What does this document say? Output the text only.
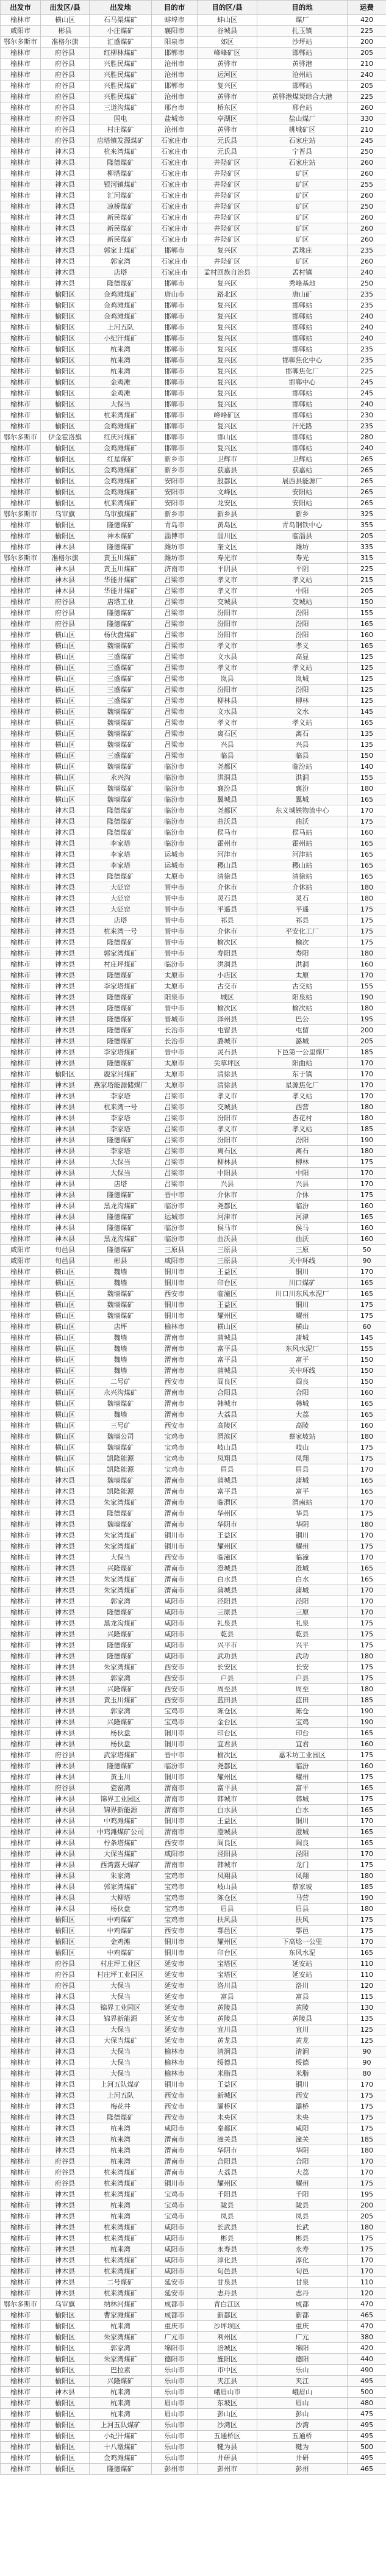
出发市	出发区/县	出发地	目的市	目的区/县	目的地	运费
榆林市	横山区	石马渠煤矿	蚌埠市	蚌山区	煤厂	420
咸阳市	彬县	小庄煤矿	襄阳市	谷城县	扎玉镇	225
鄂尔多斯市	准格尔旗	汇盛煤矿	阳泉市	郊区	沙坪站	200
榆林市	府谷县	红柳林煤矿	邯郸市	峰峰矿区	邯郸站	205
榆林市	府谷县	兴胜民煤矿	沧州市	黄骅市	黄骅港	210
榆林市	府谷县	兴胜民煤矿	沧州市	运河区	沧州站	240
榆林市	府谷县	兴胜民煤矿	邯郸市	复兴区	邯郸站	205
榆林市	府谷县	兴胜民煤矿	沧州市	黄骅市	黄骅港煤炭综合大港	225
榆林市	府谷县	三道沟煤矿	邢台市	桥东区	邢台站	260
榆林市	府谷县	国电	盐城市	亭湖区	盐山煤厂	330
榆林市	府谷县	村庄煤矿	沧州市	黄骅市	桃城矿区	210
榆林市	府谷县	店塔镇发源煤矿	石家庄市	元氏县	石家庄站	245
榆林市	神木县	杭来湾煤矿	石家庄市	元氏县	宁晋县	250
榆林市	神木县	隆德煤矿	石家庄市	井陉矿区	石家庄站	260
榆林市	神木县	柳塔煤矿	石家庄市	井陉矿区	矿区	260
榆林市	神木县	银河镇煤矿	石家庄市	井陉矿区	矿区	255
榆林市	神木县	汇河煤矿	石家庄市	井陉矿区	矿区	260
榆林市	神木县	凉桥煤矿	石家庄市	井陉矿区	矿区	250
榆林市	神木县	新民煤矿	石家庄市	井陉矿区	矿区	260
榆林市	神木县	新民煤矿	石家庄市	井陉矿区	矿区	260
榆林市	神木县	新民煤矿	石家庄市	井陉矿区	矿区	260
榆林市	神木县	郭家上煤矿	邯郸市	复兴区	孟珠庄	235
榆林市	神木县	郭家湾	石家庄市	井陉矿区	矿区	260
榆林市	神木县	店塔	石家庄市	孟村回族自治县	孟村镇	240
榆林市	神木县	隆德煤矿	邯郸市	复兴区	秀峰基地	250
榆林市	榆阳区	金鸡滩煤矿	唐山市	路北区	唐山矿	235
榆林市	榆阳区	金鸡滩煤矿	邯郸市	复兴区	邯郸站	235
榆林市	榆阳区	金鸡滩煤矿	邯郸市	复兴区	邯郸站	240
榆林市	榆阳区	上河五队	邯郸市	复兴区	邯郸站	240
榆林市	榆阳区	小纪汗煤矿	邯郸市	复兴区	邯郸站	240
榆林市	榆阳区	杭来湾	邯郸市	复兴区	邯郸站	235
榆林市	榆阳区	杭来湾	邯郸市	复兴区	邯郸焦化中心	235
榆林市	榆阳区	杭来湾	邯郸市	复兴区	邯郸焦化厂	225
榆林市	榆阳区	金鸡滩	邯郸市	复兴区	邯郸中心	245
榆林市	榆阳区	金鸡滩	邯郸市	复兴区	邯郸站	245
榆林市	榆阳区	大保当	邯郸市	复兴区	邯郸站	240
榆林市	榆阳区	杭来湾煤矿	邯郸市	峰峰矿区	邯郸站	230
榆林市	榆阳区	金鸡滩煤矿	邯郸市	复兴区	汗光路	235
鄂尔多斯市	伊金霍洛旗	红庆河煤矿	邯郸市	邯山区	邯郸站	280
榆林市	榆阳区	金鸡滩煤矿	邯郸市	复兴区	邯郸站	240
榆林市	榆阳区	红星煤矿	新乡市	卫辉市	卫辉站	265
榆林市	榆阳区	金鸡滩煤矿	新乡市	获嘉县	获嘉站	265
榆林市	榆阳区	金鸡滩煤矿	安阳市	殷都区	展西县能源厂	265
榆林市	榆阳区	金鸡滩煤矿	安阳市	文峰区	安阳站	265
榆林市	榆阳区	杭来湾煤矿	安阳市	龙安区	安阳站	265
鄂尔多斯市	乌审旗	乌审旗煤矿	新乡市	新乡县	新乡	325
榆林市	榆阳区	隆德煤矿	青岛市	黄岛区	青岛钢铁中心	355
榆林市	榆阳区	神木煤矿	淄博市	淄川区	临淄县	205
榆林市	神木县	隆德煤矿	潍坊市	奎文区	潍坊	335
鄂尔多斯市	准格尔旗	黄玉川煤矿	潍坊市	寿光市	寿光	315
榆林市	神木县	黄玉川煤矿	济南市	平阴县	平阴	225
榆林市	神木县	华能井煤矿	吕梁市	孝义市	孝义站	215
榆林市	神木县	华能井煤矿	吕梁市	孝义市	中阳	205
榆林市	府谷县	店塔工业	吕梁市	交城县	交城站	150
榆林市	府谷县	隆德煤矿	吕梁市	汾阳市	汾阳	155
榆林市	府谷县	隆德煤矿	吕梁市	汾阳市	汾阳	165
榆林市	横山区	杨伙盘煤矿	吕梁市	汾阳市	汾阳	160
榆林市	横山区	魏墙煤矿	吕梁市	孝义市	孝义	165
榆林市	横山区	三盛煤矿	吕梁市	文水县	高显	125
榆林市	横山区	三盛煤矿	吕梁市	孝义市	孝义站	125
榆林市	横山区	三盛煤矿	吕梁市	岚县	岚城	125
榆林市	横山区	三盛煤矿	吕梁市	汾阳市	汾阳	125
榆林市	横山区	三盛煤矿	吕梁市	柳林县	柳林	125
榆林市	横山区	魏墙煤矿	吕梁市	文水县	文水	145
榆林市	横山区	魏墙煤矿	吕梁市	孝义市	孝义站	165
榆林市	横山区	魏墙煤矿	吕梁市	离石区	离石	135
榆林市	横山区	魏墙煤矿	吕梁市	兴县	兴县	135
榆林市	横山区	三盛煤矿	吕梁市	临县	临县	150
榆林市	横山区	魏墙煤矿	临汾市	尧都区	临汾站	140
榆林市	横山区	永兴沟	临汾市	洪洞县	洪洞	155
榆林市	横山区	魏墙煤矿	临汾市	襄汾县	襄汾	180
榆林市	横山区	魏墙煤矿	临汾市	翼城县	翼城	165
榆林市	神木县	隆德煤矿	临汾市	尧都区	东义城铁物流中心	170
榆林市	神木县	隆德煤矿	临汾市	曲沃县	曲沃	175
榆林市	神木县	隆德煤矿	临汾市	侯马市	侯马站	160
榆林市	神木县	李家塔	临汾市	霍州市	霍州站	165
榆林市	神木县	李家塔	运城市	河津市	河津站	165
榆林市	神木县	李家塔	运城市	稷山县	稷山站	165
榆林市	神木县	隆德煤矿	太原市	清徐县	清徐站	165
榆林市	神木县	大砭窑	晋中市	介休市	介休站	180
榆林市	神木县	大砭窑	晋中市	灵石县	灵石	180
榆林市	神木县	大砭窑	晋中市	平遥县	平遥	175
榆林市	神木县	店塔	晋中市	祁县	祁县	175
榆林市	神木县	杭来湾一号	晋中市	介休市	平安化工厂	175
榆林市	神木县	隆德煤矿	晋中市	榆次区	榆次	175
榆林市	神木县	郭家湾煤矿	晋中市	寿阳县	寿阳	180
榆林市	神木县	村庄坪煤矿	临汾市	洪洞县	洪洞	160
榆林市	神木县	隆德煤矿	太原市	小店区	太原	170
榆林市	神木县	李家塔煤矿	太原市	古交市	古交站	155
榆林市	神木县	隆德煤矿	阳泉市	城区	阳泉站	190
榆林市	神木县	隆德煤矿	晋中市	榆次区	榆次站	180
榆林市	神木县	隆德煤矿	晋城市	泽州县	巴公	195
榆林市	神木县	隆德煤矿	长治市	屯留县	屯留	200
榆林市	神木县	隆德煤矿	长治市	潞城市	潞城	205
榆林市	神木县	李家塔煤矿	晋中市	灵石县	下邑第一公里煤厂	185
榆林市	神木县	隆德煤矿	太原市	尖草坪区	阳曲站	170
榆林市	榆阳区	鹿家河煤矿	太原市	清徐县	东于镇	170
榆林市	神木县	燕家塔能源储煤厂	太原市	清徐县	星源焦化厂	170
榆林市	神木县	李家塔	吕梁市	孝义市	孝义站	170
榆林市	神木县	杭来湾一号	吕梁市	交城县	西营	180
榆林市	神木县	李家塔	吕梁市	汾阳市	杏花村	180
榆林市	神木县	李家塔	吕梁市	孝义市	孝义站	185
榆林市	神木县	隆德煤矿	吕梁市	汾阳市	汾阳	190
榆林市	神木县	李家塔	吕梁市	离石区	离石	180
榆林市	神木县	大保当	吕梁市	柳林县	柳林	175
榆林市	神木县	大保当	吕梁市	中阳县	中阳	170
榆林市	神木县	店塔	吕梁市	兴县	兴县	170
榆林市	神木县	隆德煤矿	晋中市	介休市	介休	175
榆林市	神木县	黑龙沟煤矿	临汾市	尧都区	临汾	160
榆林市	神木县	隆德煤矿	运城市	河津市	河津	165
榆林市	神木县	隆德煤矿	临汾市	侯马市	侯马	160
榆林市	神木县	黑龙沟煤矿	临汾市	曲沃县	曲沃	160
咸阳市	旬邑县	隆德煤矿	三原县	三原县	三原	50
咸阳市	旬邑县	彬县	咸阳市	三原县	关中环线	90
榆林市	横山区	魏墙	铜川市	王益区	铜川	170
榆林市	横山区	魏墙	铜川市	印台区	川口煤矿	165
榆林市	横山区	魏墙煤矿	西安市	临潼区	川口川东风水泥厂	165
榆林市	横山区	魏墙煤矿	铜川市	王益区	铜川	175
榆林市	横山区	魏墙煤矿	铜川市	耀州区	耀州	175
榆林市	横山区	店坪	榆林市	横山区	横山	60
榆林市	横山区	魏墙	渭南市	蒲城县	蒲城	145
榆林市	横山区	魏墙	渭南市	富平县	东风水泥厂	155
榆林市	横山区	魏墙	渭南市	富平县	富平	150
榆林市	横山区	魏墙	渭南市	蒲城县	关中环线	150
榆林市	横山区	二号矿	西安市	阎良区	阎良	150
榆林市	横山区	永兴沟煤矿	渭南市	合阳县	合阳	160
榆林市	横山区	魏墙煤矿	渭南市	韩城市	韩城	165
榆林市	横山区	魏墙	渭南市	大荔县	大荔	165
榆林市	横山区	三号矿	西安市	高陵区	高陵	160
榆林市	横山区	魏墙公司	宝鸡市	渭滨区	蔡家坡站	180
榆林市	横山区	魏墙煤矿	宝鸡市	岐山县	岐山	175
榆林市	横山区	凯隆能源	宝鸡市	凤翔县	凤翔	175
榆林市	横山区	凯隆能源	宝鸡市	眉县	眉县	170
榆林市	神木县	魏墙煤矿	渭南市	蒲城县	蒲城	165
榆林市	神木县	凯隆能源	渭南市	富平县	富平	165
榆林市	神木县	朱家湾煤矿	渭南市	临渭区	渭南站	170
榆林市	神木县	隆德煤矿	渭南市	华州区	华县	175
榆林市	神木县	魏墙煤矿	渭南市	华阴市	华阴	180
榆林市	神木县	朱家湾煤矿	铜川市	王益区	铜川	170
榆林市	神木县	朱家湾煤矿	铜川市	耀州区	耀州	175
榆林市	神木县	大保当	西安市	临潼区	临潼	170
榆林市	神木县	兴隆煤矿	渭南市	澄城县	澄城	165
榆林市	神木县	朱家湾煤矿	渭南市	白水县	白水	165
榆林市	神木县	朱家湾煤矿	渭南市	蒲城县	蒲城	170
榆林市	神木县	郭家湾	咸阳市	泾阳县	泾阳	170
榆林市	神木县	隆德煤矿	咸阳市	三原县	三原	170
榆林市	神木县	黑龙沟煤矿	咸阳市	礼泉县	礼泉	175
榆林市	神木县	兴隆煤矿	咸阳市	乾县	乾县	175
榆林市	神木县	隆德煤矿	咸阳市	兴平市	兴平	175
榆林市	神木县	隆德煤矿	咸阳市	武功县	武功	180
榆林市	神木县	朱家湾煤矿	西安市	长安区	长安	175
榆林市	神木县	郭家湾	西安市	户县	户县	175
榆林市	神木县	兴隆煤矿	西安市	周至县	周至	180
榆林市	神木县	黄玉川煤矿	西安市	蓝田县	蓝田	185
榆林市	神木县	郭家湾	宝鸡市	陈仓区	陈仓	190
榆林市	神木县	兴隆煤矿	宝鸡市	金台区	宝鸡	190
榆林市	神木县	杨伙盘	铜川市	印台区	印台	165
榆林市	神木县	杨伙盘	铜川市	宜君县	宜君	160
榆林市	府谷县	武家塔煤矿	晋中市	榆次区	嘉禾坊工业园区	175
榆林市	神木县	隆德煤矿	临汾市	尧都区	临汾	160
榆林市	神木县	黄玉川	铜川市	耀州区	耀州	175
榆林市	府谷县	瓷窑湾	渭南市	富平县	富平	165
榆林市	神木县	锦界工业园区	渭南市	韩城市	韩城	175
榆林市	神木县	锦界新能源	渭南市	白水县	白水	165
榆林市	神木县	中鸡滩煤矿	铜川市	王益区	铜川	170
榆林市	神木县	中鸡滩煤矿公司	渭南市	澄城县	澄城	165
榆林市	神木县	柠条塔煤矿	西安市	阎良区	阎良	165
榆林市	神木县	大保当煤矿	咸阳市	泾阳县	泾阳	170
榆林市	神木县	西湾露天煤矿	渭南市	韩城市	龙门	175
榆林市	神木县	朱家湾	宝鸡市	凤翔县	凤翔	180
榆林市	神木县	郭家湾煤矿	宝鸡市	岐山县	蔡家坡	185
榆林市	神木县	大柳塔	宝鸡市	陈仓区	马营	190
榆林市	神木县	杨伙盘	宝鸡市	眉县	眉县	180
榆林市	榆阳区	中鸡煤矿	宝鸡市	扶风县	扶风	175
榆林市	榆阳区	中鸡煤矿	西安市	鄠邑区	鄠邑	175
榆林市	榆阳区	金鸡滩	铜川市	耀州区	下高埝一公里	170
榆林市	榆阳区	中鸡煤矿	铜川市	印台区	东风水泥	165
榆林市	府谷县	村庄坪工业区	延安市	宝塔区	延安站	110
榆林市	府谷县	村庄坪工业园区	延安市	宝塔区	延安站	110
榆林市	府谷县	大保当	延安市	洛川县	洛川	120
榆林市	神木县	大保当	延安市	富县	富县	115
榆林市	神木县	锦界工业园区	延安市	黄陵县	黄陵	130
榆林市	神木县	锦界新能源	延安市	黄陵县	黄陵县	135
榆林市	神木县	大保当	延安市	宜川县	宜川	125
榆林市	神木县	大保当煤矿	延安市	黄龙县	黄龙	125
榆林市	神木县	大保当	榆林市	清涧县	清涧	90
榆林市	神木县	大保当	榆林市	绥德县	绥德	90
榆林市	神木县	大保当	榆林市	米脂县	米脂	80
榆林市	神木县	上河五队煤矿	铜川市	王益区	铜川	170
榆林市	神木县	上河五队	西安市	新城区	西安	175
榆林市	神木县	梅花井	西安市	灞桥区	灞桥	175
榆林市	神木县	隆德煤矿	西安市	未央区	未央	175
榆林市	神木县	杭来湾	咸阳市	秦都区	咸阳	175
榆林市	神木县	杭来湾	渭南市	潼关县	潼关	185
榆林市	神木县	杭来湾	渭南市	华阴市	华阴	180
榆林市	府谷县	杭来湾	渭南市	合阳县	合阳	170
榆林市	府谷县	杭来湾煤矿	渭南市	大荔县	大荔	170
榆林市	府谷县	杭来湾煤矿	铜川市	耀州区	耀州	175
榆林市	神木县	杭来湾煤矿	宝鸡市	千阳县	千阳	195
榆林市	神木县	杭来湾	宝鸡市	陇县	陇县	200
榆林市	神木县	杭来湾	宝鸡市	凤县	凤县	205
榆林市	神木县	杭来湾煤矿	咸阳市	长武县	长武	180
榆林市	神木县	杭来湾煤矿	咸阳市	彬县	彬县	175
榆林市	神木县	杭来湾	咸阳市	永寿县	永寿	175
榆林市	神木县	杭来湾煤矿	咸阳市	淳化县	淳化	170
榆林市	神木县	杭来湾煤矿	咸阳市	旬邑县	旬邑	170
榆林市	神木县	二号煤矿	延安市	甘泉县	甘泉	110
榆林市	神木县	杭来湾煤矿	延安市	志丹县	志丹	120
鄂尔多斯市	乌审旗	纳林河煤矿	成都市	青白江区	成都	470
榆林市	榆阳区	曹家滩煤矿	成都市	新都区	新都	465
榆林市	榆阳区	杭来湾	重庆市	沙坪坝区	重庆	470
榆林市	榆阳区	朱家湾煤矿	广元市	利州区	广元	380
榆林市	榆阳区	郭家湾	绵阳市	涪城区	绵阳	420
榆林市	榆阳区	朱家湾煤矿	德阳市	旌阳区	德阳	440
榆林市	榆阳区	巴拉素	乐山市	市中区	乐山	490
榆林市	榆阳区	兴隆煤矿	乐山市	夹江县	夹江	495
榆林市	神木县	杭来湾	乐山市	峨眉山市	峨眉山	500
榆林市	榆阳区	杭来湾	眉山市	东坡区	眉山	480
榆林市	榆阳区	杭来湾	眉山市	彭山区	彭山	475
榆林市	榆阳区	上河五队煤矿	乐山市	沙湾区	沙湾	495
榆林市	榆阳区	小纪汗煤矿	乐山市	五通桥区	五通桥	495
榆林市	榆阳区	十八墩煤矿	乐山市	犍为县	犍为	500
榆林市	榆阳区	金鸡滩煤矿	乐山市	井研县	井研	495
榆林市	榆阳区	隆德煤矿	彭州市	彭州市	彭州	465
